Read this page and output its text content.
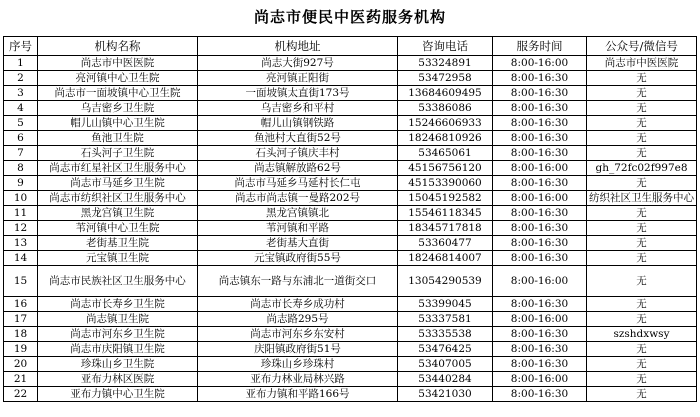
尚志市便民中医药服务机构
序号	机构名称	机构地址	咨询电话	服务时间	公众号/微信号
1	尚志市中医医院	尚志大街927号	53324891	8:00-16:00	尚志市中医医院
2	亮河镇中心卫生院	亮河镇正阳街	53472958	8:00-16:30	无
3	尚志市一面坡镇中心卫生院	一面坡镇太直街173号	13684609495	8:00-16:30	无
4	乌吉密乡卫生院	乌吉密乡和平村	53386086	8:00-16:30	无
5	帽儿山镇中心卫生院	帽儿山镇钢铁路	15246606933	8:00-16:30	无
6	鱼池卫生院	鱼池村大直街52号	18246810926	8:00-16:30	无
7	石头河子卫生院	石头河子镇庆丰村	53465061	8:00-16:30	无
8	尚志市红星社区卫生服务中心	尚志镇解放路62号	45156756120	8:00-16:00	gh_72fc02f997e8
9	尚志市马延乡卫生院	尚志市马延乡马延村长仁屯	45153390060	8:00-16:30	无
10	尚志市纺织社区卫生服务中心	尚志市尚志镇一曼路202号	15045192582	8:00-16:00	纺织社区卫生服务中心
11	黑龙宫镇卫生院	黑龙宫镇镇北	15546118345	8:00-16:30	无
12	苇河镇中心卫生院	苇河镇和平路	18345717818	8:00-16:30	无
13	老街基卫生院	老街基大直街	53360477	8:00-16:30	无
14	元宝镇卫生院	元宝镇政府街55号	18246814007	8:00-16:30	无
15	尚志市民族社区卫生服务中心	尚志镇东一路与东浦北一道街交口	13054290539	8:00-16:00	无
16	尚志市长寿乡卫生院	尚志市长寿乡成功村	53399045	8:00-16:30	无
17	尚志镇卫生院	尚志路295号	53337581	8:00-16:00	无
18	尚志市河东乡卫生院	尚志市河东乡东安村	53335538	8:00-16:30	szshdxwsy
19	尚志市庆阳镇卫生院	庆阳镇政府街51号	53476425	8:00-16:30	无
20	珍珠山乡卫生院	珍珠山乡珍珠村	53407005	8:00-16:30	无
21	亚布力林区医院	亚布力林业局林兴路	53440284	8:00-16:00	无
22	亚布力镇中心卫生院	亚布力镇和平路166号	53421030	8:00-16:30	无
